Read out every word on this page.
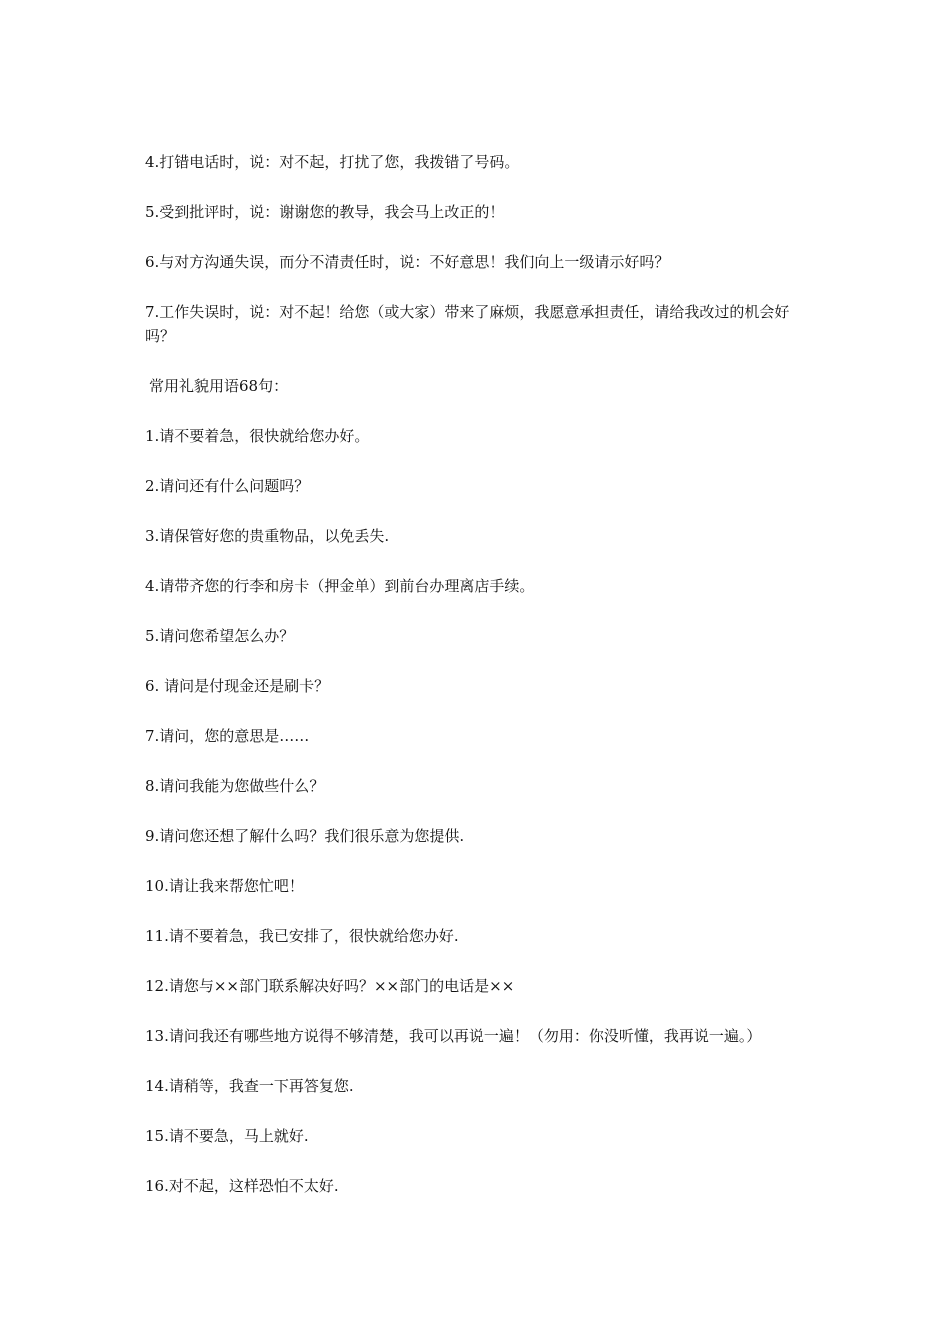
4.打错电话时，说：对不起，打扰了您，我拨错了号码。

5.受到批评时，说：谢谢您的教导，我会马上改正的！

6.与对方沟通失误，而分不清责任时，说：不好意思！我们向上一级请示好吗？

7.工作失误时，说：对不起！给您（或大家）带来了麻烦，我愿意承担责任，请给我改过的机会好吗？

常用礼貌用语68句：

1.请不要着急，很快就给您办好。

2.请问还有什么问题吗？

3.请保管好您的贵重物品，以免丢失.

4.请带齐您的行李和房卡（押金单）到前台办理离店手续。

5.请问您希望怎么办？

6. 请问是付现金还是刷卡？

7.请问，您的意思是……

8.请问我能为您做些什么？

9.请问您还想了解什么吗？我们很乐意为您提供.

10.请让我来帮您忙吧！

11.请不要着急，我已安排了，很快就给您办好.

12.请您与××部门联系解决好吗？××部门的电话是××

13.请问我还有哪些地方说得不够清楚，我可以再说一遍！（勿用：你没听懂，我再说一遍。）

14.请稍等，我查一下再答复您.

15.请不要急，马上就好.

16.对不起，这样恐怕不太好.
